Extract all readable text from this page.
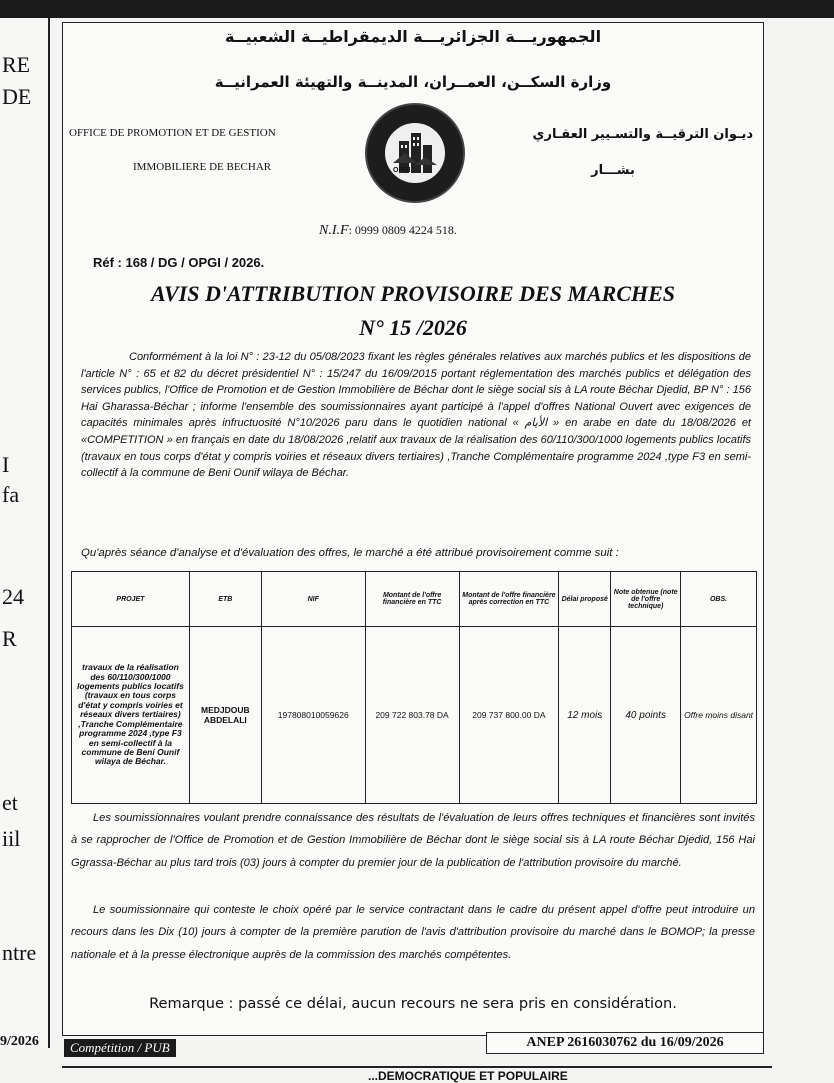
RE
DE
I
fa
24
R
et
iil
ntre
9/2026
الجمهوريـــة الجزائريـــة الديمقراطيــة الشعبيــة
وزارة السكــن، العمــران، المدينــة والتهيئة العمرانيــة
OFFICE DE PROMOTION ET DE GESTION
IMMOBILIERE DE BECHAR	OPGI
ديـوان الترقيــة والتسـيير العقـاري
بشـــار
N.I.F: 0999 0809 4224 518.
Réf : 168 / DG / OPGI / 2026.
AVIS D'ATTRIBUTION PROVISOIRE DES MARCHES
N° 15 /2026
Conformément à la loi N° : 23-12 du 05/08/2023 fixant les règles générales relatives aux marchés publics et les dispositions de l'article N° : 65 et 82 du décret présidentiel N° : 15/247 du 16/09/2015 portant réglementation des marchés publics et délégation des services publics, l'Office de Promotion et de Gestion Immobilière de Béchar dont le siège social sis à LA route Béchar Djedid, BP N° : 156 Hai Gharassa-Béchar ; informe l'ensemble des soumissionnaires ayant participé à l'appel d'offres National Ouvert avec exigences de capacités minimales après infructuosité N°10/2026 paru dans le quotidien national « الأيام » en arabe en date du 18/08/2026 et «COMPETITION » en français en date du 18/08/2026 ,relatif aux travaux de la réalisation des 60/110/300/1000 logements publics locatifs (travaux en tous corps d'état y compris voiries et réseaux divers tertiaires) ,Tranche Complémentaire programme 2024 ,type F3 en semi-collectif à la commune de Beni Ounif wilaya de Béchar.
Qu'après séance d'analyse et d'évaluation des offres, le marché a été attribué provisoirement comme suit :
PROJET	ETB	NIF	Montant de l'offre financière en TTC	Montant de l'offre financière après correction en TTC	Délai proposé	Note obtenue (note de l'offre technique)	OBS.
travaux de la réalisation des 60/110/300/1000 logements publics locatifs (travaux en tous corps d'état y compris voiries et réseaux divers tertiaires) ,Tranche Complémentaire programme 2024 ,type F3 en semi-collectif à la commune de Beni Ounif wilaya de Béchar.	MEDJDOUB ABDELALI	197808010059626	209 722 803.78 DA	209 737 800.00 DA	12 mois	40 points	Offre moins disant
Les soumissionnaires voulant prendre connaissance des résultats de l'évaluation de leurs offres techniques et financières sont invités à se rapprocher de l'Office de Promotion et de Gestion Immobilière de Béchar dont le siège social sis à LA route Béchar Djedid, 156 Hai Ggrassa-Béchar au plus tard trois (03) jours à compter du premier jour de la publication de l'attribution provisoire du marché.
Le soumissionnaire qui conteste le choix opéré par le service contractant dans le cadre du présent appel d'offre peut introduire un recours dans les Dix (10) jours à compter de la première parution de l'avis d'attribution provisoire du marché dans le BOMOP; la presse nationale et à la presse électronique auprès de la commission des marchés compétentes.
Remarque : passé ce délai, aucun recours ne sera pris en considération.
Compétition / PUB	ANEP 2616030762 du 16/09/2026
...DEMOCRATIQUE ET POPULAIRE
